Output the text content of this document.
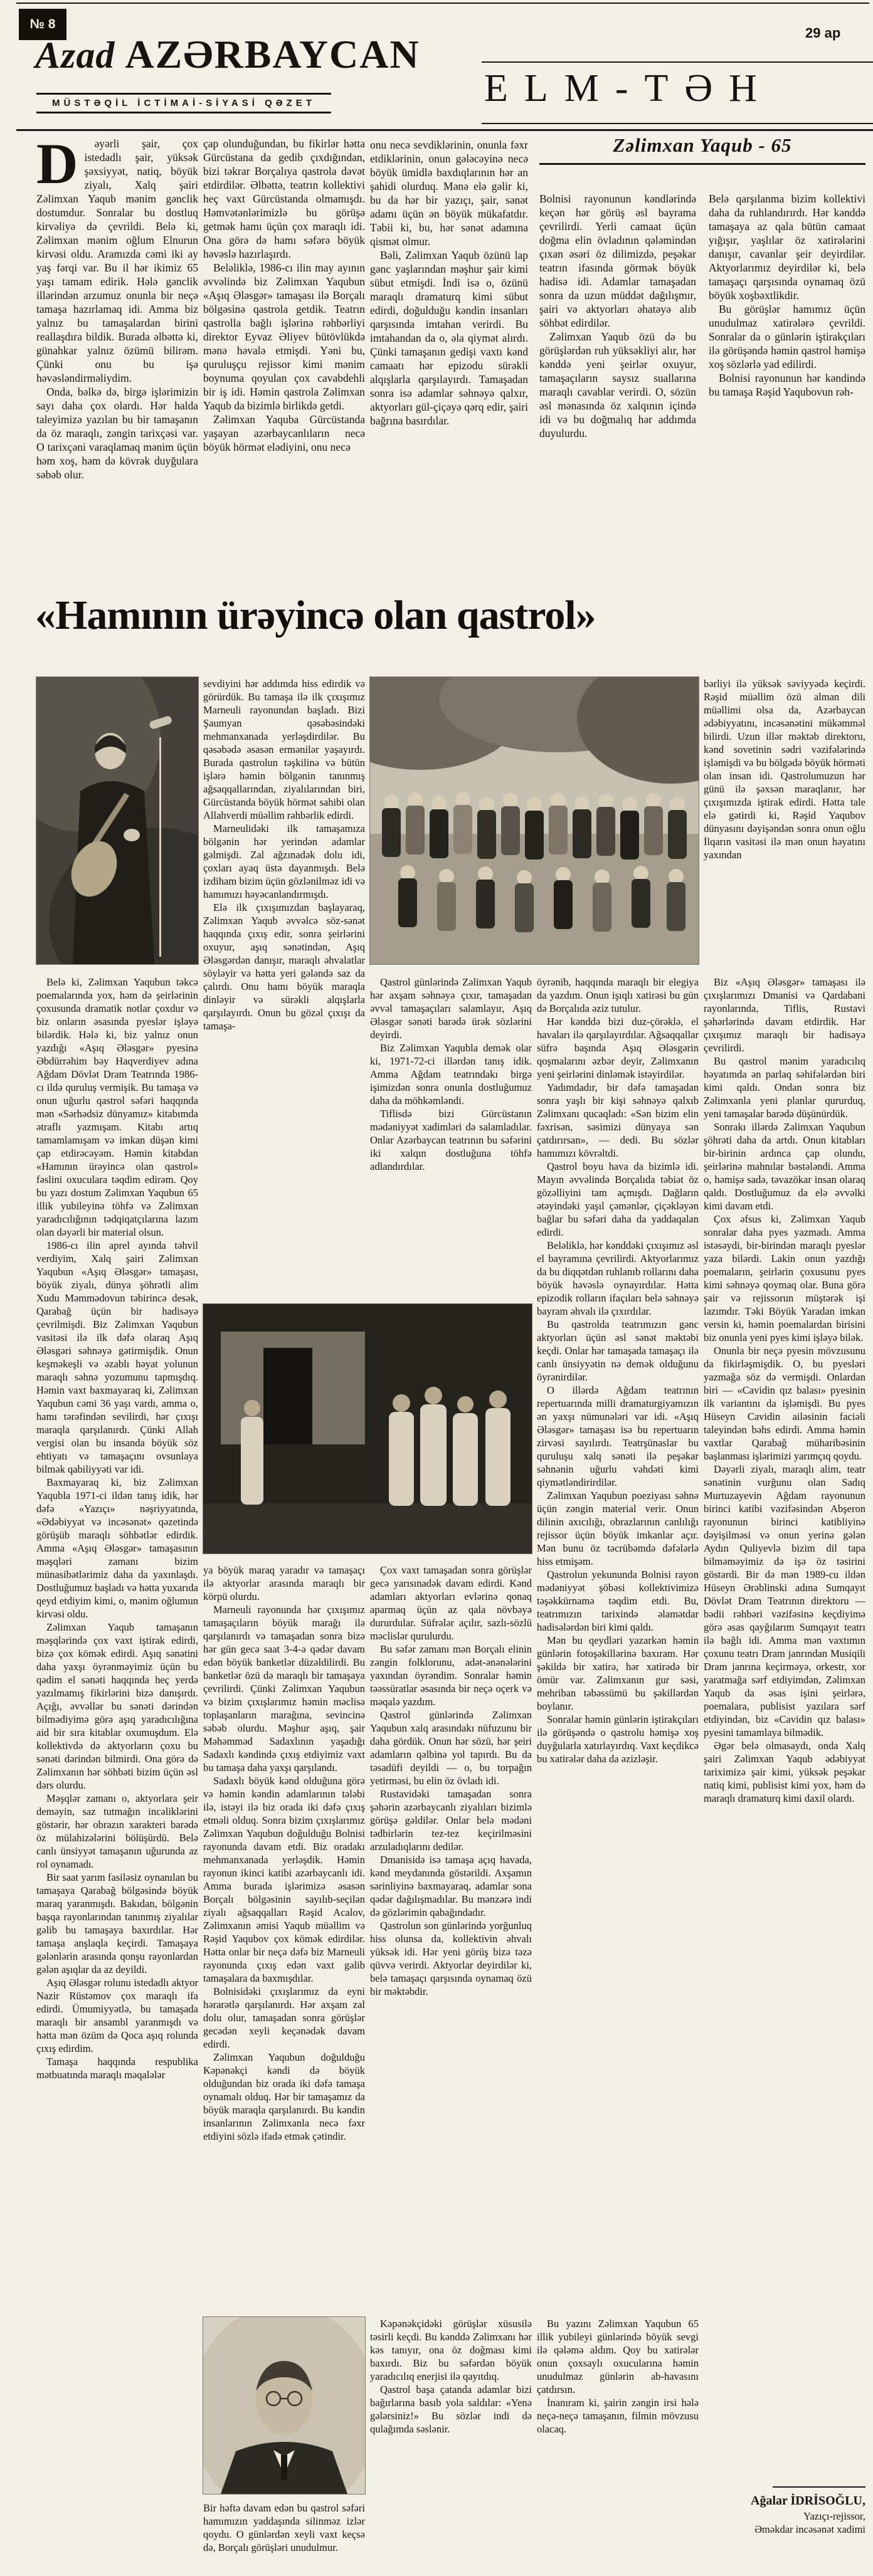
№ 8
Azad AZƏRBAYCAN
MÜSTƏQİL İCTİMAİ-SİYASİ QƏZET
29 ap
ELM-TƏH
D	əyərli şair, çox istedadlı şair, yüksək şəxsiyyət, natiq, böyük ziyalı, Xalq şairi Zəlimxan Yaqub mənim gənclik dostumdur. Sonralar bu dostluq kirvəliyə də çevrildi. Belə ki, Zəlimxan mənim oğlum Elnurun kirvəsi oldu. Aramızda cəmi iki ay yaş fərqi var. Bu il hər ikimiz 65 yaşı tamam edirik. Hələ gənclik illərindən arzumuz onunla bir neçə tamaşa hazırlamaq idi. Amma biz yalnız bu tamaşalardan birini reallaşdıra bildik. Burada əlbəttə ki, günahkar yalnız özümü bilirəm. Çünki onu bu işə həvəsləndirməliydim.

Onda, bəlkə də, birgə işlərimizin sayı daha çox olardı. Hər halda taleyimizə yazılan bu bir tamaşanın da öz maraqlı, zəngin tarixçəsi var. O tarixçəni varaqlamaq mənim üçün həm xoş, həm də kövrək duyğulara səbəb olur.

çap olunduğundan, bu fikirlər hətta Gürcüstana da gedib çıxdığından, bizi təkrar Borçalıya qastrola dəvət etdirdilər. Əlbəttə, teatrın kollektivi heç vaxt Gürcüstanda olmamışdı. Həmvətənlərimizlə bu görüşə getmək hamı üçün çox maraqlı idi. Ona görə də hamı səfərə böyük həvəslə hazırlaşırdı.

Beləliklə, 1986-cı ilin may ayının əvvəlində biz Zəlimxan Yaqubun «Aşıq Ələsgər» tamaşası ilə Borçalı bölgəsinə qastrola getdik. Teatrın qastrolla bağlı işlərinə rəhbərliyi direktor Eyvaz Əliyev bütövlükdə mənə həvalə etmişdi. Yəni bu, quruluşçu rejissor kimi mənim boynuma qoyulan çox cavabdehli bir iş idi. Həmin qastrola Zəlimxan Yaqub da bizimlə birlikdə getdi.

Zəlimxan Yaquba Gürcüstanda yaşayan azərbaycanlıların necə böyük hörmət elədiyini, onu necə

onu necə sevdiklərinin, onunla fəxr etdiklərinin, onun gələcəyinə necə böyük ümidlə baxdıqlarının hər an şahidi olurduq. Mənə elə gəlir ki, bu da hər bir yazıçı, şair, sənət adamı üçün ən böyük mükafatdır. Təbii ki, bu, hər sənət adamına qismət olmur.

Bəli, Zəlimxan Yaqub özünü lap gənc yaşlarından məşhur şair kimi sübut etmişdi. İndi isə o, özünü maraqlı dramaturq kimi sübut edirdi, doğulduğu kəndin insanları qarşısında imtahan verirdi. Bu imtahandan da o, əla qiymət alırdı. Çünki tamaşanın gedişi vaxtı kənd camaatı hər epizodu sürəkli alqışlarla qarşılayırdı. Tamaşadan sonra isə adamlar səhnəyə qalxır, aktyorları gül-çiçəyə qərq edir, şairi bağrına basırdılar.

Zəlimxan Yaqub - 65

Bolnisi rayonunun kəndlərində keçən hər görüş əsl bayrama çevrilirdi. Yerli camaat üçün doğma elin övladının qələmindən çıxan əsəri öz dilimizdə, peşəkar teatrın ifasında görmək böyük hadisə idi. Adamlar tamaşadan sonra da uzun müddət dağılışmır, şairi və aktyorları əhatəyə alıb söhbət edirdilər.

Zəlimxan Yaqub özü də bu görüşlərdən ruh yüksəkliyi alır, hər kənddə yeni şeirlər oxuyur, tamaşaçıların saysız suallarına maraqlı cavablar verirdi. O, sözün əsl mənasında öz xalqının içində idi və bu doğmalıq hər addımda duyulurdu.

Belə qarşılanma bizim kollektivi daha da ruhlandırırdı. Hər kənddə tamaşaya az qala bütün camaat yığışır, yaşlılar öz xatirələrini danışır, cavanlar şeir deyirdilər. Aktyorlarımız deyirdilər ki, belə tamaşaçı qarşısında oynamaq özü böyük xoşbəxtlikdir.

Bu görüşlər hamımız üçün unudulmaz xatirələrə çevrildi. Sonralar da o günlərin iştirakçıları ilə görüşəndə həmin qastrol həmişə xoş sözlərlə yad edilirdi.

Bolnisi rayonunun hər kəndində bu tamaşa Rəşid Yaqubovun rəh-

«Hamının ürəyincə olan qastrol»

Belə ki, Zəlimxan Yaqubun təkcə poemalarında yox, həm də şeirlərinin çoxusunda dramatik notlar çoxdur və biz onların əsasında pyeslər işləyə bilərdik. Hələ ki, biz yalnız onun yazdığı «Aşıq Ələsgər» pyesinə Əbdürrəhim bəy Haqverdiyev adına Ağdam Dövlət Dram Teatrında 1986-cı ildə quruluş vermişik. Bu tamaşa və onun uğurlu qastrol səfəri haqqında mən «Sərhədsiz dünyamız» kitabımda ətraflı yazmışam. Kitabı artıq tamamlamışam və imkan düşən kimi çap etdirəcəyəm. Həmin kitabdan «Hamının ürəyincə olan qastrol» fəslini oxuculara təqdim edirəm. Qoy bu yazı dostum Zəlimxan Yaqubun 65 illik yubileyinə töhfə və Zəlimxan yaradıcılığının tədqiqatçılarına lazım olan dəyərli bir material olsun.

1986-cı ilin aprel ayında təhvil verdiyim, Xalq şairi Zəlimxan Yaqubun «Aşıq Ələsgər» tamaşası, böyük ziyalı, dünya şöhrətli alim Xudu Məmmədovun təbirincə desək, Qarabağ üçün bir hadisəyə çevrilmişdi. Biz Zəlimxan Yaqubun vasitəsi ilə ilk dəfə olaraq Aşıq Ələsgəri səhnəyə gətirmişdik. Onun keşməkeşli və əzablı həyat yolunun maraqlı səhnə yozumunu tapmışdıq. Həmin vaxt baxmayaraq ki, Zəlimxan Yaqubun cəmi 36 yaşı vardı, amma o, hamı tərəfindən sevilirdi, hər çıxışı maraqla qarşılanırdı. Çünki Allah vergisi olan bu insanda böyük söz ehtiyatı və tamaşaçını ovsunlaya bilmək qabiliyyəti var idi.

Baxmayaraq ki, biz Zəlimxan Yaqubla 1971-ci ildən tanış idik, hər dəfə «Yazıçı» nəşriyyatında, «Ədəbiyyat və incəsənət» qəzetində görüşüb maraqlı söhbətlər edirdik. Amma «Aşıq Ələsgər» tamaşasının məşqləri zamanı bizim münasibətlərimiz daha da yaxınlaşdı. Dostluğumuz başladı və hətta yuxarıda qeyd etdiyim kimi, o, mənim oğlumun kirvəsi oldu.

Zəlimxan Yaqub tamaşanın məşqlərində çox vaxt iştirak edirdi, bizə çox kömək edirdi. Aşıq sənətini daha yaxşı öyrənməyimiz üçün bu qədim el sənəti haqqında heç yerdə yazılmamış fikirlərini bizə danışırdı. Açığı, əvvəllər bu sənəti dərindən bilmədiyimə görə aşıq yaradıcılığına aid bir sıra kitablar oxumuşdum. Elə kollektivdə də aktyorların çoxu bu sənəti dərindən bilmirdi. Ona görə də Zəlimxanın hər söhbəti bizim üçün əsl dərs olurdu.

Məşqlər zamanı o, aktyorlara şeir deməyin, saz tutmağın incəliklərini göstərir, hər obrazın xarakteri barədə öz mülahizələrini bölüşürdü. Belə canlı ünsiyyət tamaşanın uğurunda az rol oynamadı.

Bir saat yarım fasiləsiz oynanılan bu tamaşaya Qarabağ bölgəsində böyük maraq yaranmışdı. Bakıdan, bölgənin başqa rayonlarından tanınmış ziyalılar gəlib bu tamaşaya baxırdılar. Hər tamaşa anşlaqla keçirdi. Tamaşaya gələnlərin arasında qonşu rayonlardan gələn aşıqlar da az deyildi.

Aşıq Ələsgər rolunu istedadlı aktyor Nazir Rüstəmov çox maraqlı ifa edirdi. Ümumiyyətlə, bu tamaşada maraqlı bir ansambl yaranmışdı və hətta mən özüm də Qoca aşıq rolunda çıxış edirdim.

Tamaşa haqqında respublika mətbuatında maraqlı məqalələr

sevdiyini hər addımda hiss edirdik və görürdük. Bu tamaşa ilə ilk çıxışımız Marneuli rayonundan başladı. Bizi Şaumyan qəsəbəsindəki mehmanxanada yerləşdirdilər. Bu qəsəbədə əsasən ermənilər yaşayırdı. Burada qastrolun təşkilinə və bütün işlərə həmin bölgənin tanınmış ağsaqqallarından, ziyalılarından biri, Gürcüstanda böyük hörmət sahibi olan Allahverdi müəllim rəhbərlik edirdi.

Marneulidəki ilk tamaşamıza bölgənin hər yerindən adamlar gəlmişdi. Zal ağzınadək dolu idi, çoxları ayaq üstə dayanmışdı. Belə izdiham bizim üçün gözlənilməz idi və hamımızı həyəcanlandırmışdı.

Elə ilk çıxışımızdan başlayaraq, Zəlimxan Yaqub əvvəlcə söz-sənət haqqında çıxış edir, sonra şeirlərini oxuyur, aşıq sənətindən, Aşıq Ələsgərdən danışır, maraqlı əhvalatlar söyləyir və hətta yeri gələndə saz da çalırdı. Onu hamı böyük maraqla dinləyir və sürəkli alqışlarla qarşılayırdı. Onun bu gözəl çıxışı da tamaşa-

ya böyük maraq yaradır və tamaşaçı ilə aktyorlar arasında maraqlı bir körpü olurdu.

Marneuli rayonunda hər çıxışımız tamaşaçıların böyük marağı ilə qarşılanırdı və tamaşadan sonra bizə hər gün gecə saat 3-4-ə qədər davam edən böyük banketlər düzəldilirdi. Bu banketlər özü də maraqlı bir tamaşaya çevrilirdi. Çünki Zəlimxan Yaqubun və bizim çıxışlarımız həmin məclisə toplaşanların marağına, sevincinə səbəb olurdu. Məşhur aşıq, şair Məhəmməd Sadaxlının yaşadığı Sadaxlı kəndində çıxış etdiyimiz vaxt bu tamaşa daha yaxşı qarşılandı.

Sadaxlı böyük kənd olduğuna görə və həmin kəndin adamlarının tələbi ilə, istəyi ilə biz orada iki dəfə çıxış etməli olduq. Sonra bizim çıxışlarımız Zəlimxan Yaqubun doğulduğu Bolnisi rayonunda davam etdi. Biz oradakı mehmanxanada yerləşdik. Həmin rayonun ikinci katibi azərbaycanlı idi. Amma burada işlərimizə əsasən Borçalı bölgəsinin sayılıb-seçilən ziyalı ağsaqqalları Rəşid Acalov, Zəlimxanın əmisi Yaqub müəllim və Rəşid Yaqubov çox kömək edirdilər. Hətta onlar bir neçə dəfə biz Marneuli rayonunda çıxış edən vaxt gəlib tamaşalara da baxmışdılar.

Bolnisidəki çıxışlarımız da eyni hərarətlə qarşılanırdı. Hər axşam zal dolu olur, tamaşadan sonra görüşlər gecədən xeyli keçənədək davam edirdi.

Zəlimxan Yaqubun doğulduğu Kəpənəkçi kəndi də böyük olduğundan biz orada iki dəfə tamaşa oynamalı olduq. Hər bir tamaşamız da böyük maraqla qarşılanırdı. Bu kəndin insanlarının Zəlimxanla necə fəxr etdiyini sözlə ifadə etmək çətindir.

Bir həftə davam edən bu qastrol səfəri hamımızın yaddaşında silinməz izlər qoydu. O günlərdən xeyli vaxt keçsə də, Borçalı görüşləri unudulmur.

Qastrol günlərində Zəlimxan Yaqub hər axşam səhnəyə çıxır, tamaşadan əvvəl tamaşaçıları salamlayır, Aşıq Ələsgər sənəti barədə ürək sözlərini deyirdi.

Biz Zəlimxan Yaqubla demək olar ki, 1971-72-ci illərdən tanış idik. Amma Ağdam teatrındakı birgə işimizdən sonra onunla dostluğumuz daha da möhkəmləndi.

Tiflisdə bizi Gürcüstanın mədəniyyət xadimləri də salamladılar. Onlar Azərbaycan teatrının bu səfərini iki xalqın dostluğuna töhfə adlandırdılar.

Çox vaxt tamaşadan sonra görüşlər gecə yarısınadək davam edirdi. Kənd adamları aktyorları evlərinə qonaq aparmaq üçün az qala növbəyə dururdular. Süfrələr açılır, sazlı-sözlü məclislər qurulurdu.

Bu səfər zamanı mən Borçalı elinin zəngin folklorunu, adət-ənənələrini yaxından öyrəndim. Sonralar həmin təəssüratlar əsasında bir neçə oçerk və məqalə yazdım.

Qastrol günlərində Zəlimxan Yaqubun xalq arasındakı nüfuzunu bir daha gördük. Onun hər sözü, hər şeiri adamların qəlbinə yol tapırdı. Bu da təsadüfi deyildi — o, bu torpağın yetirməsi, bu elin öz övladı idi.

Rustavidəki tamaşadan sonra şəhərin azərbaycanlı ziyalıları bizimlə görüşə gəldilər. Onlar belə mədəni tədbirlərin tez-tez keçirilməsini arzuladıqlarını dedilər.

Dmanisidə isə tamaşa açıq havada, kənd meydanında göstərildi. Axşamın sərinliyinə baxmayaraq, adamlar sona qədər dağılışmadılar. Bu mənzərə indi də gözlərimin qabağındadır.

Qastrolun son günlərində yorğunluq hiss olunsa da, kollektivin əhvalı yüksək idi. Hər yeni görüş bizə təzə qüvvə verirdi. Aktyorlar deyirdilər ki, belə tamaşaçı qarşısında oynamaq özü bir məktəbdir.

Kəpənəkçidəki görüşlər xüsusilə təsirli keçdi. Bu kənddə Zəlimxanı hər kəs tanıyır, ona öz doğması kimi baxırdı. Biz bu səfərdən böyük yaradıcılıq enerjisi ilə qayıtdıq.

Qastrol başa çatanda adamlar bizi bağırlarına basıb yola saldılar: «Yenə gələrsiniz!» Bu sözlər indi də qulağımda səslənir.

öyrənib, haqqında maraqlı bir elegiya da yazdım. Onun işıqlı xatirəsi bu gün də Borçalıda əziz tutulur.

Hər kənddə bizi duz-çörəklə, el havaları ilə qarşılayırdılar. Ağsaqqallar süfrə başında Aşıq Ələsgərin qoşmalarını əzbər deyir, Zəlimxanın yeni şeirlərini dinləmək istəyirdilər.

Yadımdadır, bir dəfə tamaşadan sonra yaşlı bir kişi səhnəyə qalxıb Zəlimxanı qucaqladı: «Sən bizim elin fəxrisən, səsimizi dünyaya sən çatdırırsan», — dedi. Bu sözlər hamımızı kövrəltdi.

Qastrol boyu hava da bizimlə idi. Mayın əvvəlində Borçalıda təbiət öz gözəlliyini tam açmışdı. Dağların ətəyindəki yaşıl çəmənlər, çiçəkləyən bağlar bu səfəri daha da yaddaqalan edirdi.

Beləliklə, hər kənddəki çıxışımız əsl el bayramına çevrilirdi. Aktyorlarımız da bu diqqətdən ruhlanıb rollarını daha böyük həvəslə oynayırdılar. Hətta epizodik rolların ifaçıları belə səhnəyə bayram əhvalı ilə çıxırdılar.

Bu qastrolda teatrımızın gənc aktyorları üçün əsl sənət məktəbi keçdi. Onlar hər tamaşada tamaşaçı ilə canlı ünsiyyətin nə demək olduğunu öyrənirdilər.

O illərdə Ağdam teatrının repertuarında milli dramaturgiyamızın ən yaxşı nümunələri var idi. «Aşıq Ələsgər» tamaşası isə bu repertuarın zirvəsi sayılırdı. Teatrşünaslar bu quruluşu xalq sənəti ilə peşəkar səhnənin uğurlu vəhdəti kimi qiymətləndirirdilər.

Zəlimxan Yaqubun poeziyası səhnə üçün zəngin material verir. Onun dilinin axıcılığı, obrazlarının canlılığı rejissor üçün böyük imkanlar açır. Mən bunu öz təcrübəmdə dəfələrlə hiss etmişəm.

Qastrolun yekununda Bolnisi rayon mədəniyyət şöbəsi kollektivimizə təşəkkürnamə təqdim etdi. Bu, teatrımızın tarixində əlamətdar hadisələrdən biri kimi qaldı.

Mən bu qeydləri yazarkən həmin günlərin fotoşəkillərinə baxıram. Hər şəkildə bir xatirə, hər xatirədə bir ömür var. Zəlimxanın gur səsi, mehriban təbəssümü bu şəkillərdən boylanır.

Sonralar həmin günlərin iştirakçıları ilə görüşəndə o qastrolu həmişə xoş duyğularla xatırlayırdıq. Vaxt keçdikcə bu xatirələr daha da əzizləşir.

Bu yazını Zəlimxan Yaqubun 65 illik yubileyi günlərində böyük sevgi ilə qələmə aldım. Qoy bu xatirələr onun çoxsaylı oxucularına həmin unudulmaz günlərin ab-havasını çatdırsın.

İnanıram ki, şairin zəngin irsi hələ neçə-neçə tamaşanın, filmin mövzusu olacaq.

bərliyi ilə yüksək səviyyədə keçirdi. Rəşid müəllim özü alman dili müəllimi olsa da, Azərbaycan ədəbiyyatını, incəsənətini mükəmməl bilirdi. Uzun illər məktəb direktoru, kənd sovetinin sədri vəzifələrində işləmişdi və bu bölgədə böyük hörməti olan insan idi. Qastrolumuzun hər günü ilə şəxsən maraqlanır, hər çıxışımızda iştirak edirdi. Hətta tale elə gətirdi ki, Rəşid Yaqubov dünyasını dəyişəndən sonra onun oğlu İlqarın vasitəsi ilə mən onun həyatını yaxından

Biz «Aşıq Ələsgər» tamaşası ilə çıxışlarımızı Dmanisi və Qardabani rayonlarında, Tiflis, Rustavi şəhərlərində davam etdirdik. Hər çıxışımız maraqlı bir hadisəyə çevrilirdi.

Bu qastrol mənim yaradıcılıq həyatımda ən parlaq səhifələrdən biri kimi qaldı. Ondan sonra biz Zəlimxanla yeni planlar qururduq, yeni tamaşalar barədə düşünürdük.

Sonrakı illərdə Zəlimxan Yaqubun şöhrəti daha da artdı. Onun kitabları bir-birinin ardınca çap olundu, şeirlərinə mahnılar bəstələndi. Amma o, həmişə sadə, təvazökar insan olaraq qaldı. Dostluğumuz da elə əvvəlki kimi davam etdi.

Çox əfsus ki, Zəlimxan Yaqub sonralar daha pyes yazmadı. Amma istəsəydi, bir-birindən maraqlı pyeslər yaza bilərdi. Lakin onun yazdığı poemaların, şeirlərin çoxusunu pyes kimi səhnəyə qoymaq olar. Buna görə şair və rejissorun müştərək işi lazımdır. Təki Böyük Yaradan imkan versin ki, həmin poemalardan birisini biz onunla yeni pyes kimi işləyə bilək.

Onunla bir neçə pyesin mövzusunu da fikirləşmişdik. O, bu pyesləri yazmağa söz də vermişdi. Onlardan biri — «Cavidin qız balası» pyesinin ilk variantını da işləmişdi. Bu pyes Hüseyn Cavidin ailəsinin faciəli taleyindən bəhs edirdi. Amma həmin vaxtlar Qarabağ müharibəsinin başlanması işlərimizi yarımçıq qoydu.

Dəyərli ziyalı, maraqlı alim, teatr sənətinin vurğunu olan Sadıq Murtuzayevin Ağdam rayonunun birinci katibi vəzifəsindən Abşeron rayonunun birinci katibliyinə dəyişilməsi və onun yerinə gələn Aydın Quliyevlə bizim dil tapa bilməməyimiz də işə öz təsirini göstərdi. Bir də mən 1989-cu ildən Hüseyn Ərəblinski adına Sumqayıt Dövlət Dram Teatrının direktoru — bədii rəhbəri vəzifəsinə keçdiyimə görə əsas qayğılarım Sumqayıt teatrı ilə bağlı idi. Amma mən vaxtımın çoxunu teatrı Dram janrından Musiqili Dram janrına keçirməyə, orkestr, xor yaratmağa sərf etdiyimdən, Zəlimxan Yaqub da əsas işini şeirlərə, poemalara, publisist yazılara sərf etdiyindən, biz «Cavidin qız balası» pyesini tamamlaya bilmədik.

Əgər belə olmasaydı, onda Xalq şairi Zəlimxan Yaqub ədəbiyyat tariximizə şair kimi, yüksək peşəkar natiq kimi, publisist kimi yox, həm də maraqlı dramaturq kimi daxil olardı.

Ağalar İDRİSOĞLU,
Yazıçı-rejissor,
Əməkdar incəsənət xadimi
